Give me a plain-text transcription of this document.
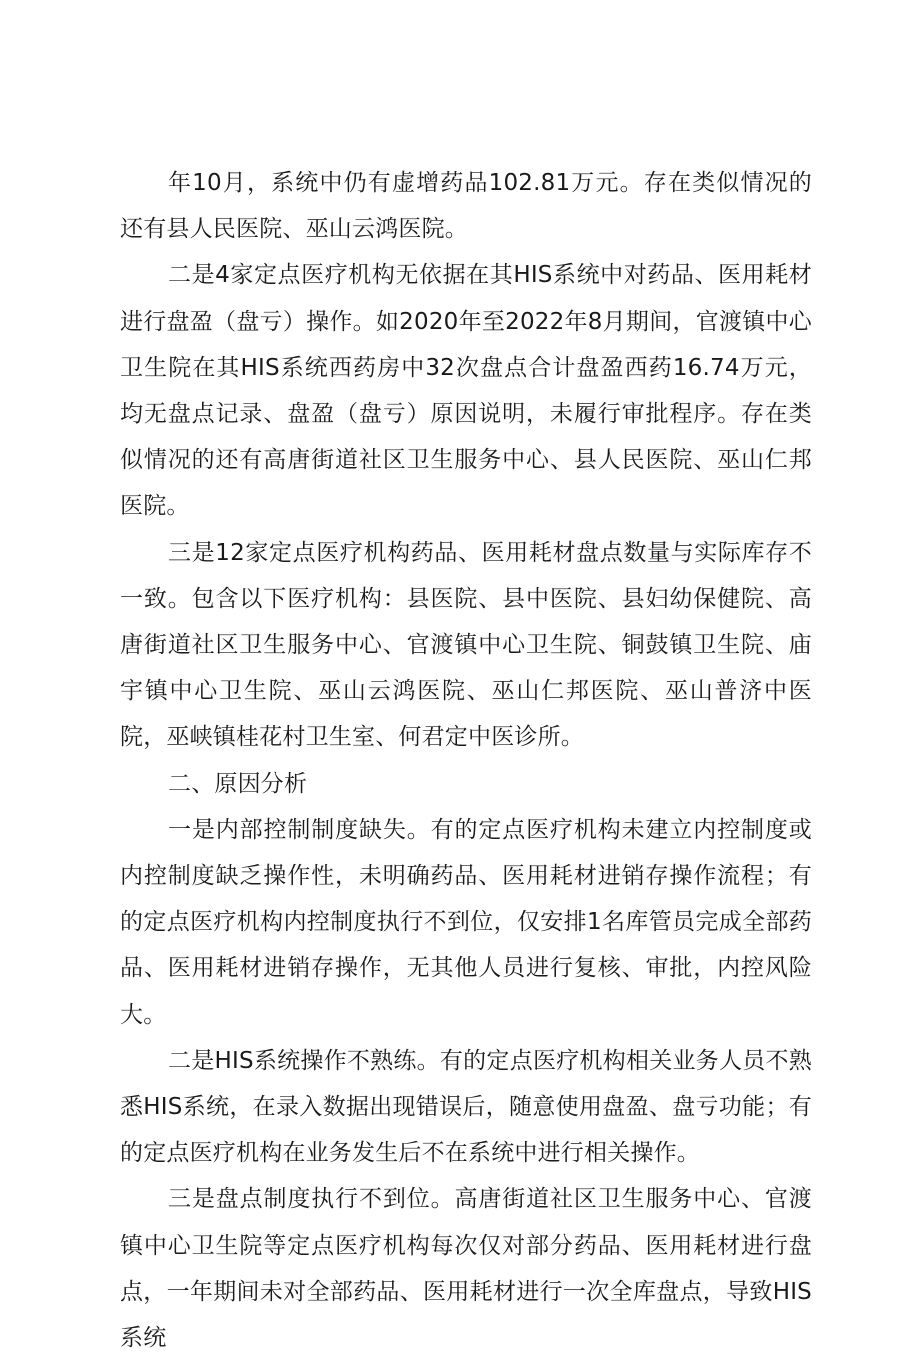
年10月，系统中仍有虚增药品102.81万元。存在类似情况的还有县人民医院、巫山云鸿医院。

二是4家定点医疗机构无依据在其HIS系统中对药品、医用耗材进行盘盈（盘亏）操作。如2020年至2022年8月期间，官渡镇中心卫生院在其HIS系统西药房中32次盘点合计盘盈西药16.74万元，均无盘点记录、盘盈（盘亏）原因说明，未履行审批程序。存在类似情况的还有高唐街道社区卫生服务中心、县人民医院、巫山仁邦医院。

三是12家定点医疗机构药品、医用耗材盘点数量与实际库存不一致。包含以下医疗机构：县医院、县中医院、县妇幼保健院、高唐街道社区卫生服务中心、官渡镇中心卫生院、铜鼓镇卫生院、庙宇镇中心卫生院、巫山云鸿医院、巫山仁邦医院、巫山普济中医院，巫峡镇桂花村卫生室、何君定中医诊所。

二、原因分析

一是内部控制制度缺失。有的定点医疗机构未建立内控制度或内控制度缺乏操作性，未明确药品、医用耗材进销存操作流程；有的定点医疗机构内控制度执行不到位，仅安排1名库管员完成全部药品、医用耗材进销存操作，无其他人员进行复核、审批，内控风险大。

二是HIS系统操作不熟练。有的定点医疗机构相关业务人员不熟悉HIS系统，在录入数据出现错误后，随意使用盘盈、盘亏功能；有的定点医疗机构在业务发生后不在系统中进行相关操作。

三是盘点制度执行不到位。高唐街道社区卫生服务中心、官渡镇中心卫生院等定点医疗机构每次仅对部分药品、医用耗材进行盘点，一年期间未对全部药品、医用耗材进行一次全库盘点，导致HIS系统
